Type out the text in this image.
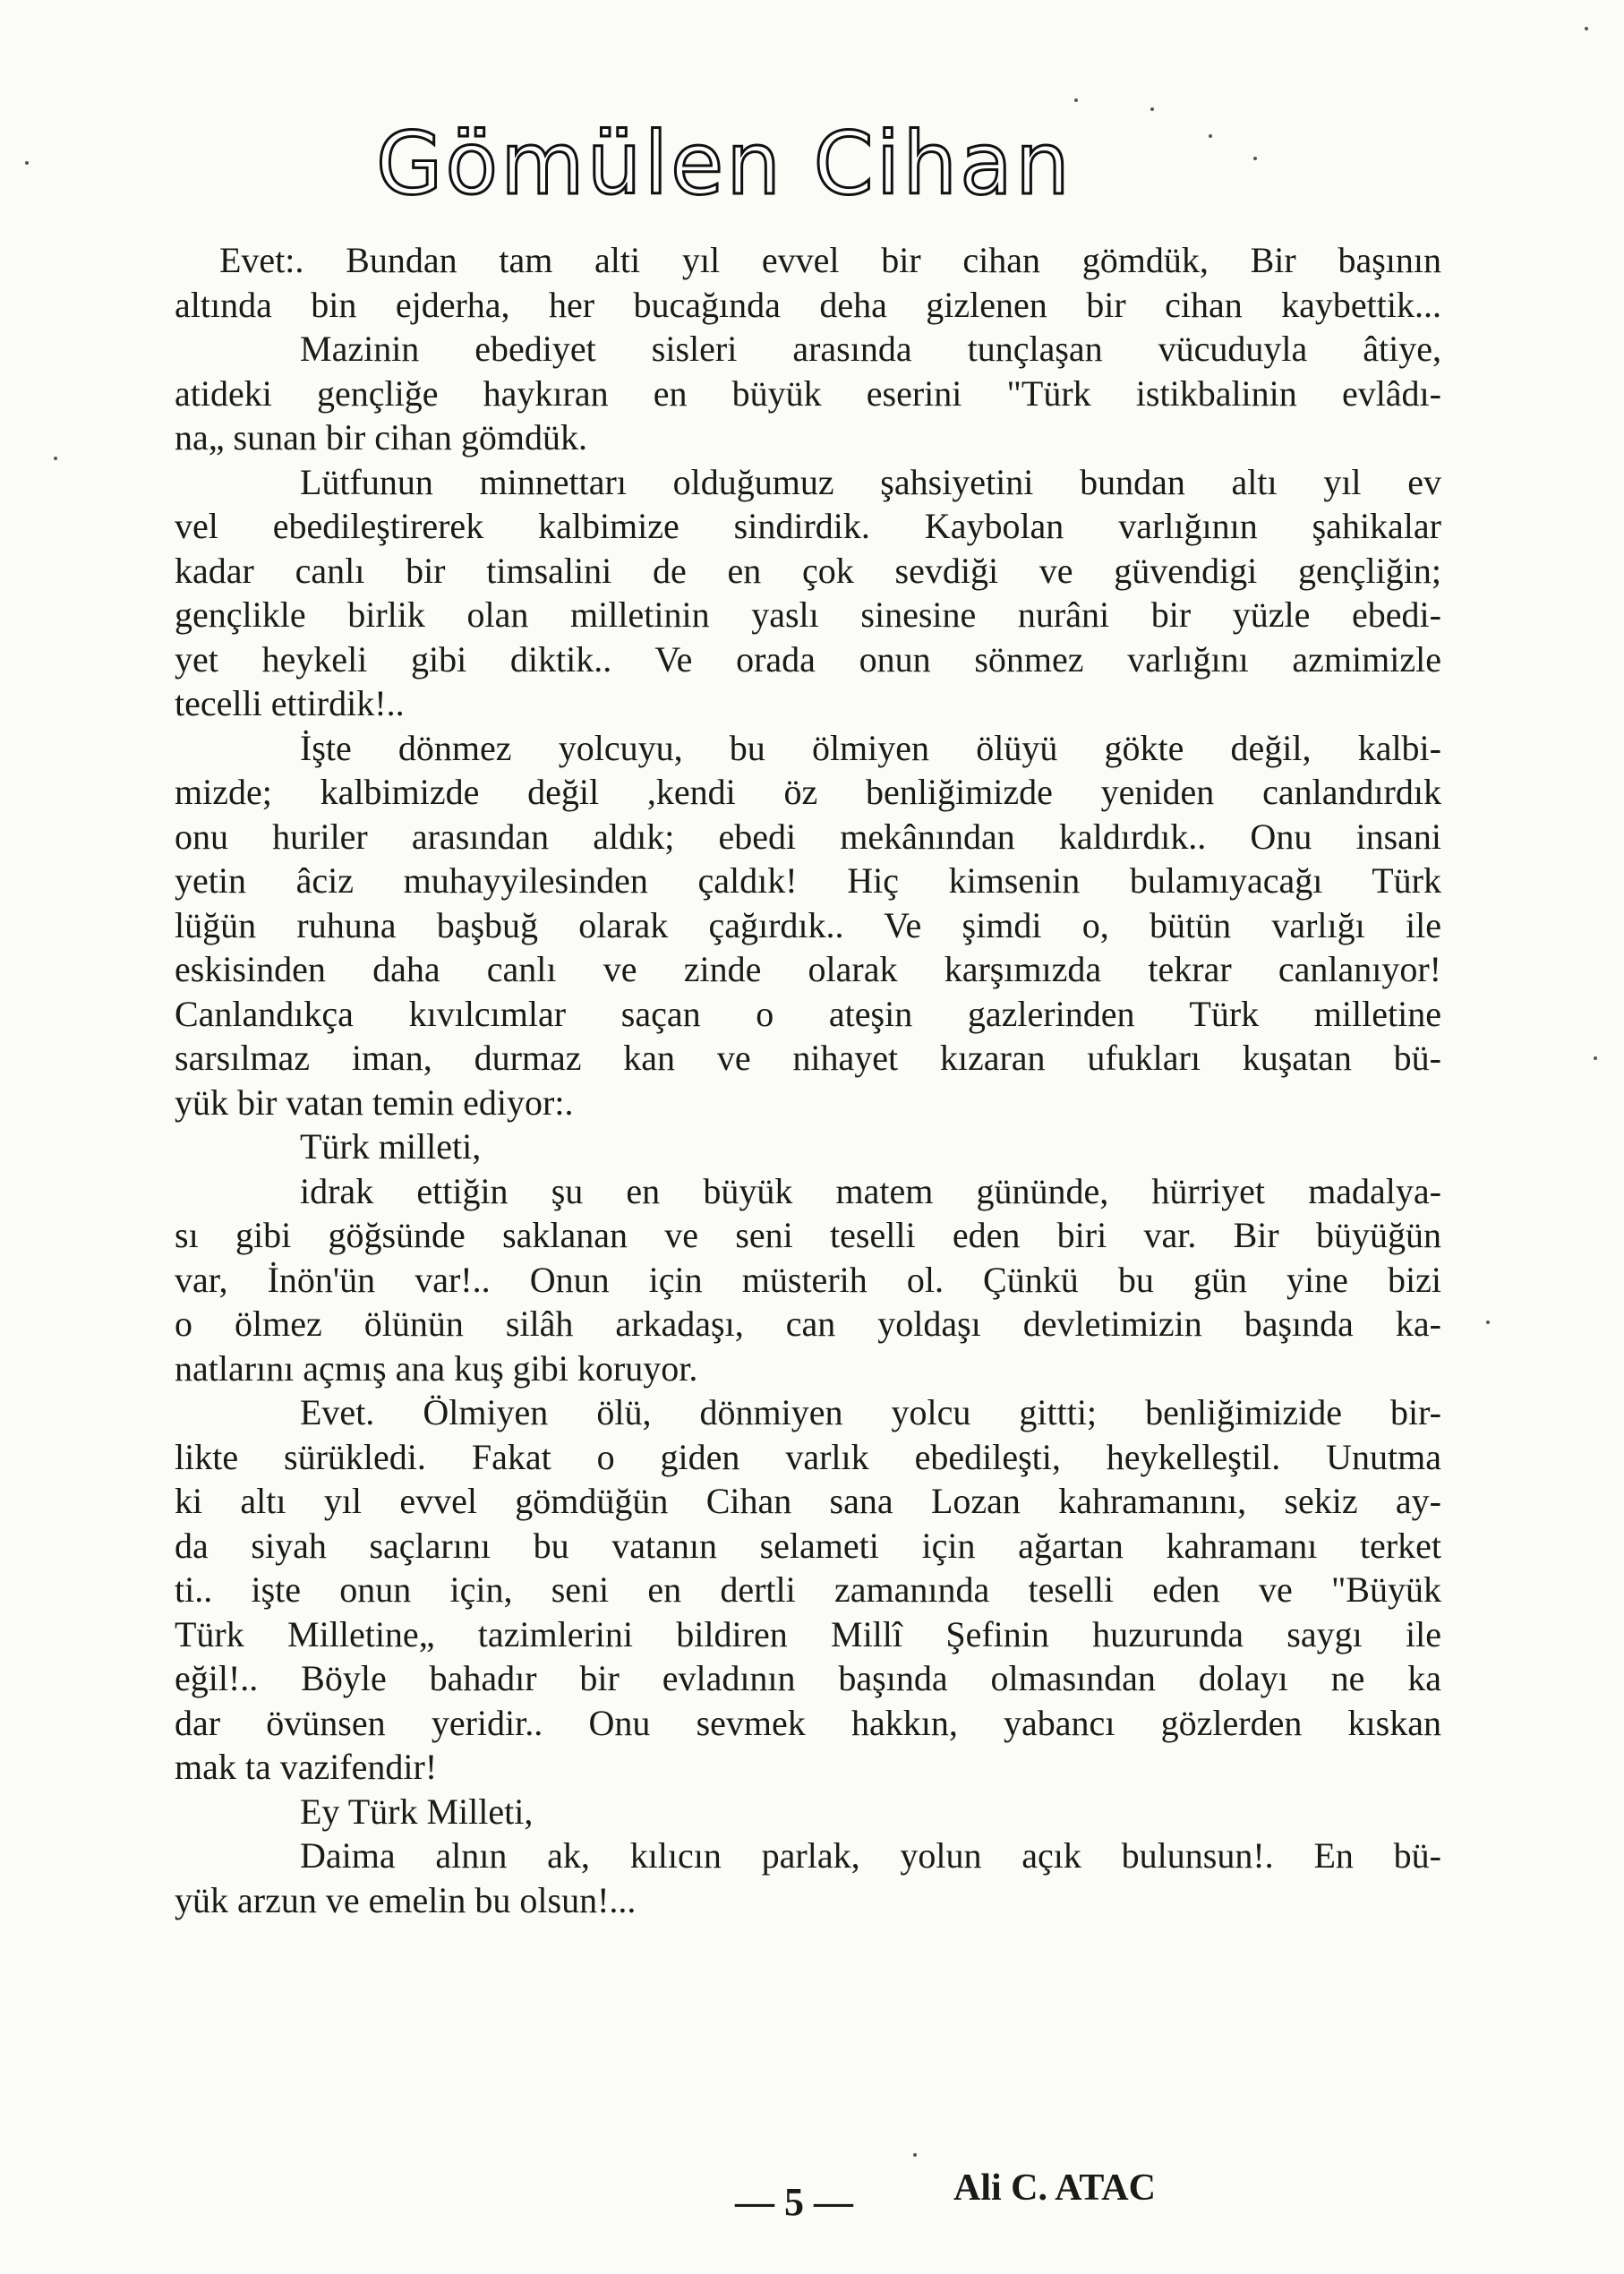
Gömülen Cihan
Evet:. Bundan tam alti yıl evvel bir cihan gömdük, Bir başının
altında bin ejderha, her bucağında deha gizlenen bir cihan kaybettik...
Mazinin ebediyet sisleri arasında tunçlaşan vücuduyla âtiye,
atideki gençliğe haykıran en büyük eserini "Türk istikbalinin evlâdı-
na„ sunan bir cihan gömdük.
Lütfunun minnettarı olduğumuz şahsiyetini bundan altı yıl ev
vel ebedileştirerek kalbimize sindirdik. Kaybolan varlığının şahikalar
kadar canlı bir timsalini de en çok sevdiği ve güvendigi gençliğin;
gençlikle birlik olan milletinin yaslı sinesine nurâni bir yüzle ebedi-
yet heykeli gibi diktik.. Ve orada onun sönmez varlığını azmimizle
tecelli ettirdik!..
İşte dönmez yolcuyu, bu ölmiyen ölüyü gökte değil, kalbi-
mizde; kalbimizde değil ,kendi öz benliğimizde yeniden canlandırdık
onu huriler arasından aldık; ebedi mekânından kaldırdık.. Onu insani
yetin âciz muhayyilesinden çaldık! Hiç kimsenin bulamıyacağı Türk
lüğün ruhuna başbuğ olarak çağırdık.. Ve şimdi o, bütün varlığı ile
eskisinden daha canlı ve zinde olarak karşımızda tekrar canlanıyor!
Canlandıkça kıvılcımlar saçan o ateşin gazlerinden Türk milletine
sarsılmaz iman, durmaz kan ve nihayet kızaran ufukları kuşatan bü-
yük bir vatan temin ediyor:.
Türk milleti,
idrak ettiğin şu en büyük matem gününde, hürriyet madalya-
sı gibi göğsünde saklanan ve seni teselli eden biri var. Bir büyüğün
var, İnön'ün var!.. Onun için müsterih ol. Çünkü bu gün yine bizi
o ölmez ölünün silâh arkadaşı, can yoldaşı devletimizin başında ka-
natlarını açmış ana kuş gibi koruyor.
Evet. Ölmiyen ölü, dönmiyen yolcu gittti; benliğimizide bir-
likte sürükledi. Fakat o giden varlık ebedileşti, heykelleştil. Unutma
ki altı yıl evvel gömdüğün Cihan sana Lozan kahramanını, sekiz ay-
da siyah saçlarını bu vatanın selameti için ağartan kahramanı terket
ti.. işte onun için, seni en dertli zamanında teselli eden ve "Büyük
Türk Milletine„ tazimlerini bildiren Millî Şefinin huzurunda saygı ile
eğil!.. Böyle bahadır bir evladının başında olmasından dolayı ne ka
dar övünsen yeridir.. Onu sevmek hakkın, yabancı gözlerden kıskan
mak ta vazifendir!
Ey Türk Milleti,
Daima alnın ak, kılıcın parlak, yolun açık bulunsun!. En bü-
yük arzun ve emelin bu olsun!...
Ali C. ATAC
— 5 —
